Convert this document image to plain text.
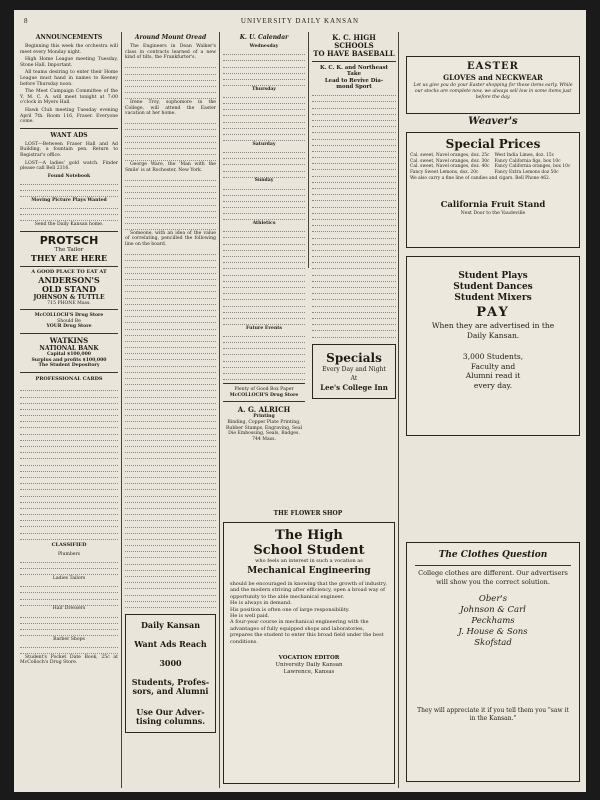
8	UNIVERSITY DAILY KANSAN
ANNOUNCEMENTS
Beginning this week the orchestra will meet every Monday night.
High Home League meeting Tuesday, Stone Hall. Important.
All teams desiring to enter their Home League must hand in names to Keeney before Thursday noon.
The Meet Campaign Committee of the Y. M. C. A. will meet tonight at 7:00 o'clock in Myers Hall.
Hawk Club meeting Tuesday evening April 7th. Room 116, Fraser. Everyone come.
WANT ADS
LOST—Between Fraser Hall and Ad Building, a fountain pen. Return to Registrar's office.
LOST—A ladies' gold watch. Finder please call Bell 2316.
Found Notebook
Moving Picture Plays Wanted
Send the Daily Kansan home.
PROTSCH
The Tailor
THEY ARE HERE
A GOOD PLACE TO EAT AT
ANDERSON'S
OLD STAND
JOHNSON & TUTTLE
715 PHONE Mass.
McCOLLOCH'S Drug Store
Should Be
YOUR Drug Store
WATKINS
NATIONAL BANK
Capital $100,000
Surplus and profits $100,000
The Student Depository
PROFESSIONAL CARDS
CLASSIFIED
Plumbers
Ladies Tailors
Hair Dressers
Barber Shops
Student's Pocket Date Book, 25c at McColloch's Drug Store.
Around Mount Oread
The Engineers in Dean Walker's class in contracts learned of a new kind of tilts, the Frankfurter's.
Irene Troy, sophomore in the College, will attend the Easter vacation at her home.
George Ware, the 'Man with the Smile' is at Rochester, New York.
Someone, with an idea of the value of correlating, pencilled the following line on the board.
Daily Kansan
Want Ads Reach
3000
Students, Profes-
sors, and Alumni
Use Our Adver-
tising columns.
K. U. Calendar
Wednesday
Thursday
Saturday
Sunday
Athletics
Future Events
Plenty of Good Box Paper
McCOLLOCH'S Drug Store
A. G. ALRICH
Printing
Binding, Copper Plate Printing, Rubber Stamps, Engraving, Seal Die Embossing, Seals, Badges.
744 Mass.
K. C. HIGH SCHOOLS
TO HAVE BASEBALL
K. C. K. and Northeast Take
Lead to Revive Dia-
mond Sport
Specials
Every Day and Night
At
Lee's College Inn
EASTER
GLOVES and NECKWEAR
Let us give you do your Easter shopping for these items early. While our stocks are complete now, we always sell low in some items just before the day.
Weaver's
Special Prices
Cal. sweet, Navel oranges, doz. 25c
Cal. sweet, Navel oranges, doz. 30c
Cal. sweet, Navel oranges, doz. 40c
Fancy Sweet Lemons, doz. 20c
West India Limes, doz. 15c
Fancy California figs, box 10c
Fancy California oranges, box 10c
Fancy Extra Lemons doz 50c
We also carry a fine line of candies and cigars. Bell Phone 462.
California Fruit Stand
Next Door to the Vaudeville
Student Plays
Student Dances
Student Mixers
PAY
When they are advertised in the Daily Kansan.
3,000 Students,
Faculty and
Alumni read it
every day.
THE FLOWER SHOP
The High
School Student
who feels an interest in such a vocation as
Mechanical Engineering
should be encouraged in knowing that the growth of industry, and the modern striving after efficiency, open a broad way of opportunity to the able mechanical engineer.
He is always in demand.
His position is often one of large responsibility.
He is well paid.
A four-year course in mechanical engineering with the advantages of fully equipped shops and laboratories, prepares the student to enter this broad field under the best conditions.
VOCATION EDITOR
University Daily Kansan
Lawrence, Kansas
The Clothes Question
College clothes are different. Our advertisers will show you the correct solution.
Ober's
Johnson & Carl
Peckhams
J. House & Sons
Skofstad
They will appreciate it if you tell them you "saw it in the Kansan."
